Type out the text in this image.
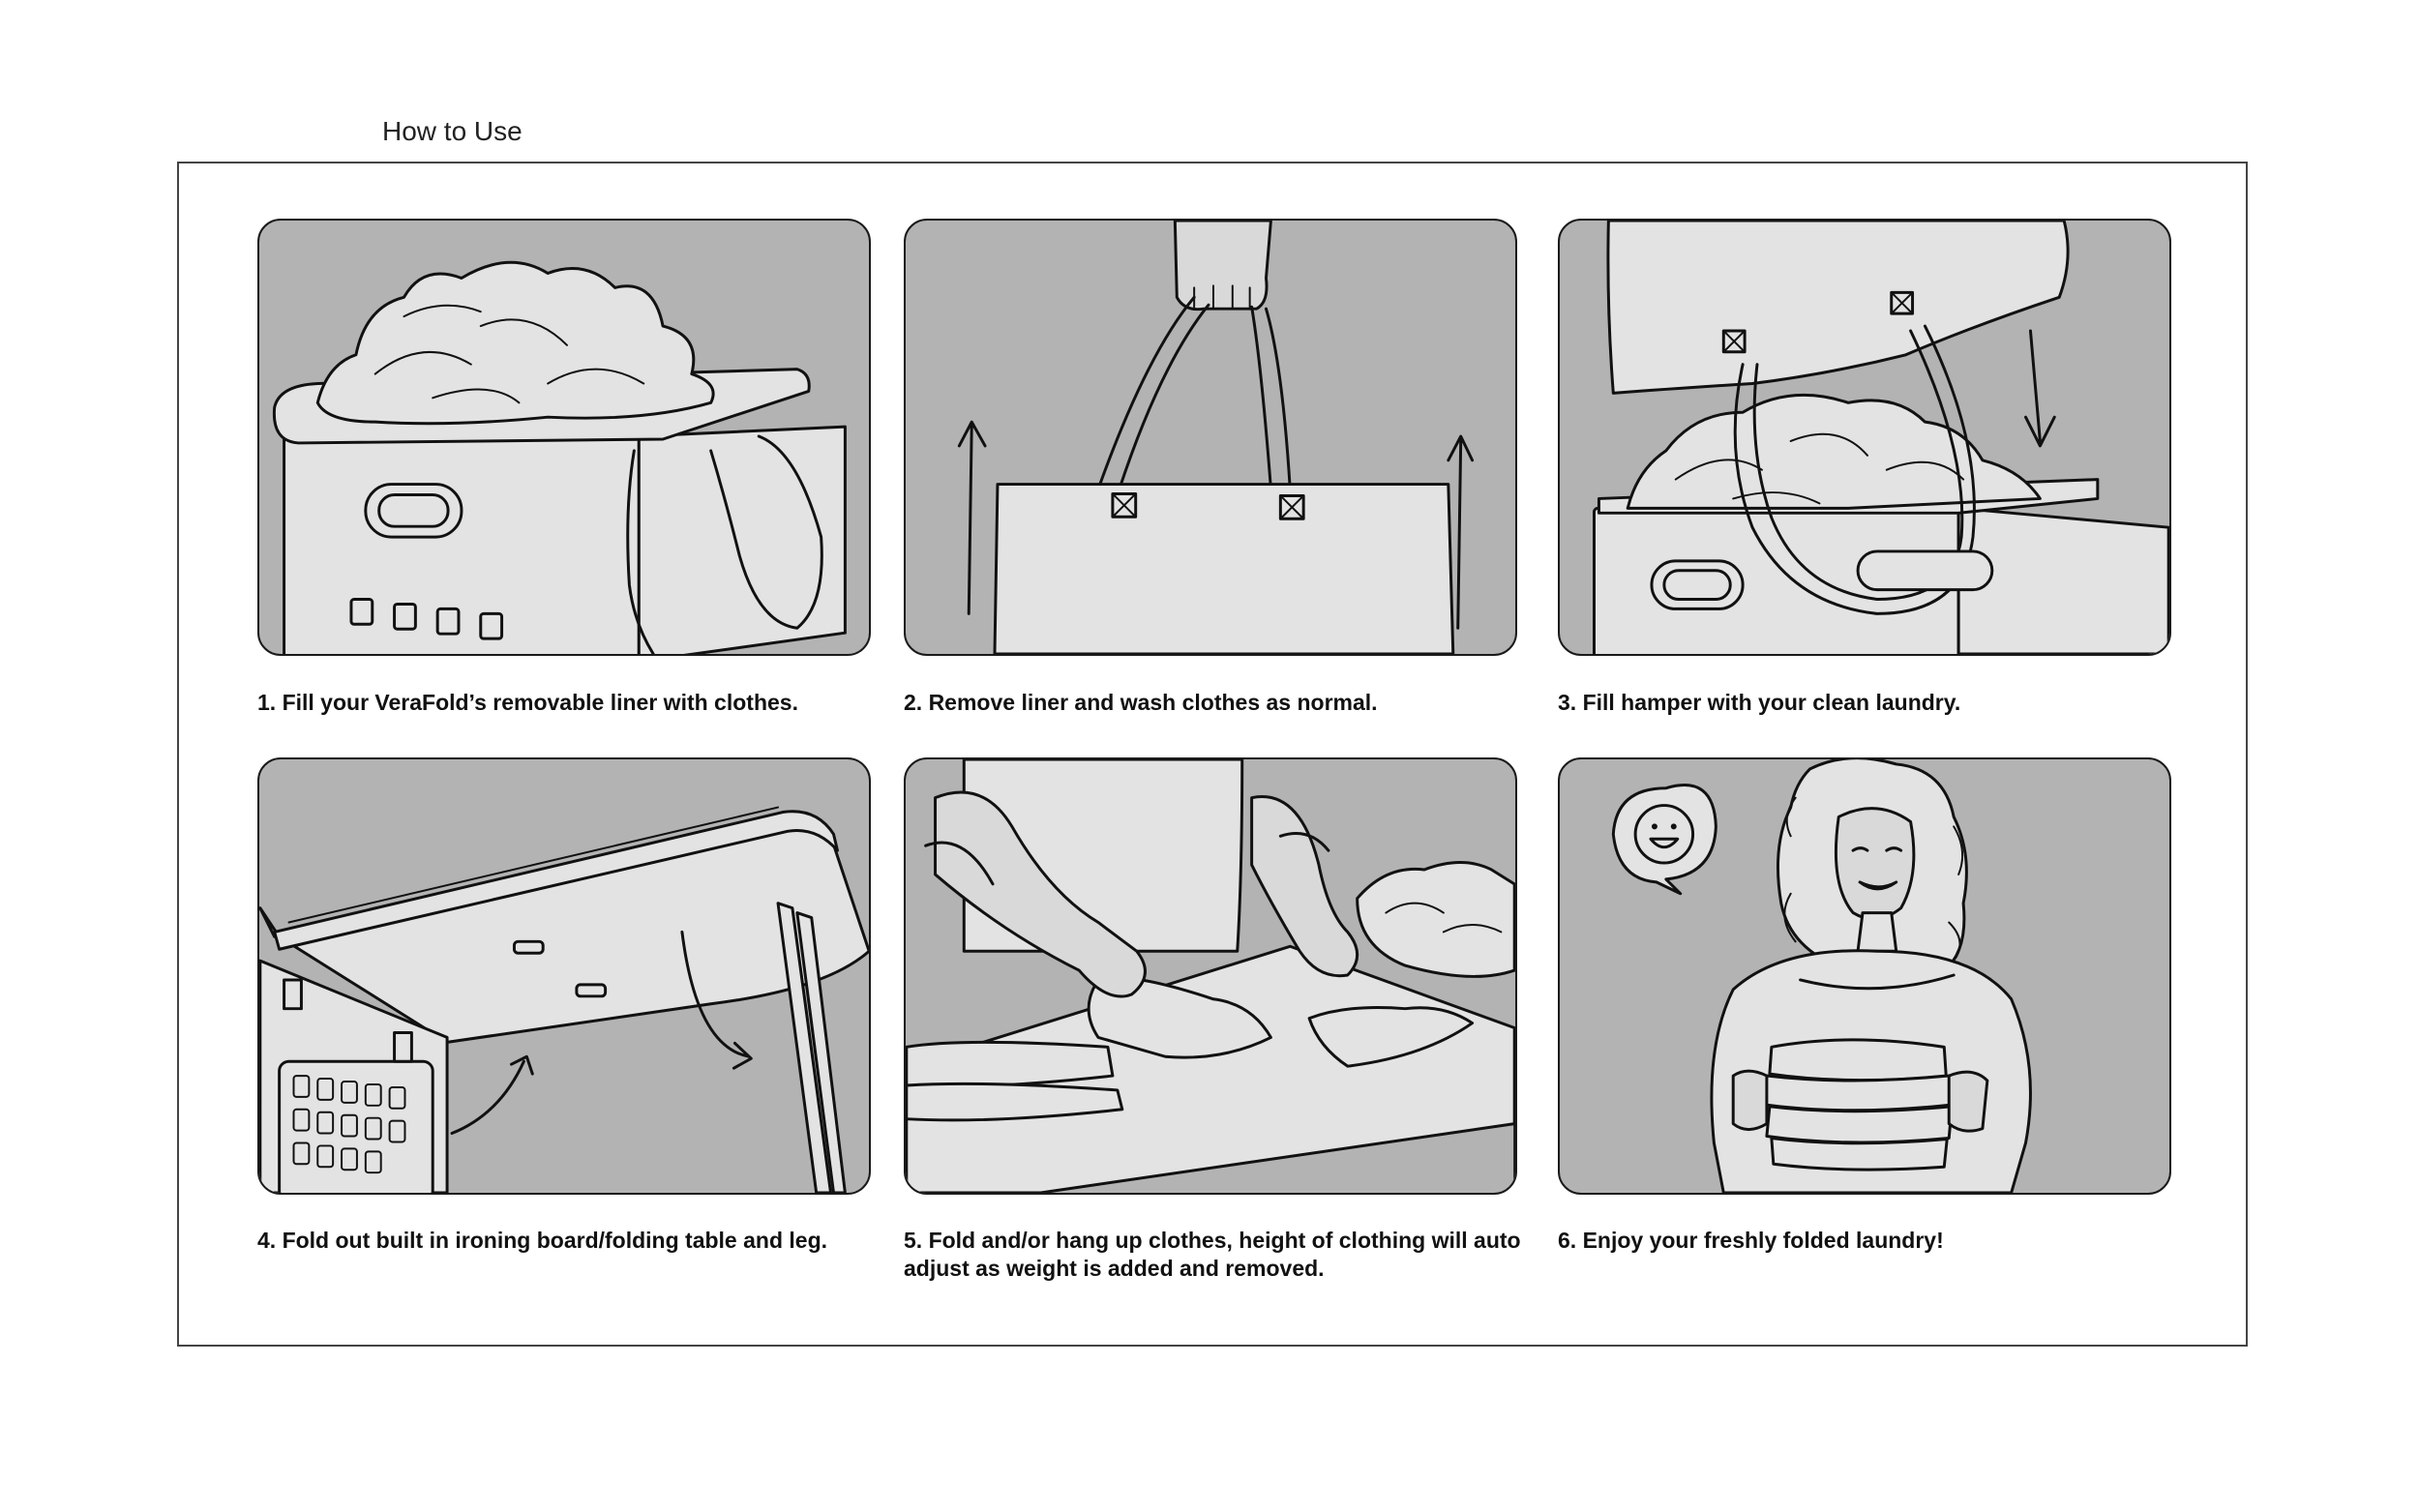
How to Use
1. Fill your VeraFold’s removable liner with clothes.	2. Remove liner and wash clothes as normal.	3. Fill hamper with your clean laundry.
4. Fold out built in ironing board/folding table and leg.	5. Fold and/or hang up clothes, height of clothing will auto adjust as weight is added and removed.
6. Enjoy your freshly folded laundry!
